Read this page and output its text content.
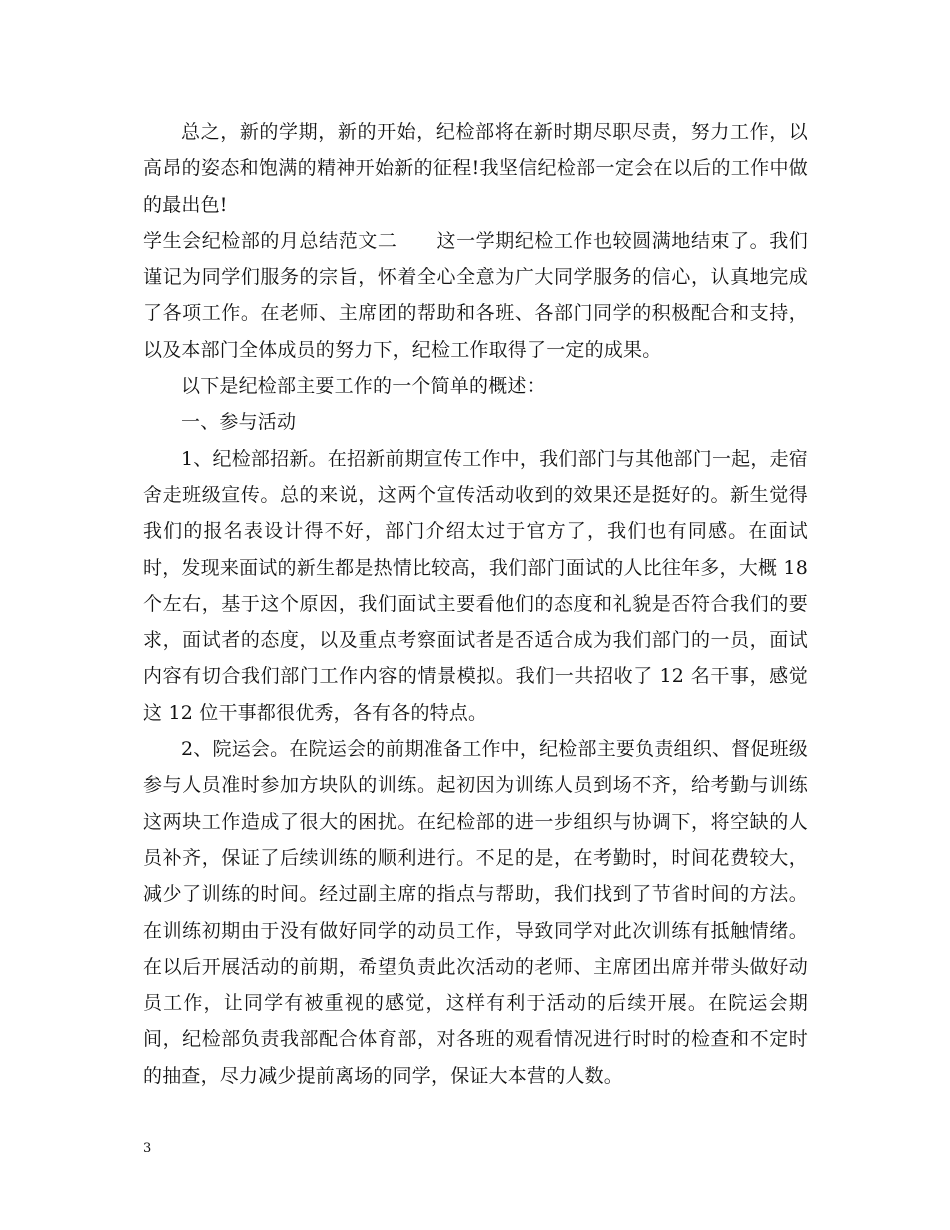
总之，新的学期，新的开始，纪检部将在新时期尽职尽责，努力工作，以高昂的姿态和饱满的精神开始新的征程!我坚信纪检部一定会在以后的工作中做的最出色!

学生会纪检部的月总结范文二　　这一学期纪检工作也较圆满地结束了。我们谨记为同学们服务的宗旨，怀着全心全意为广大同学服务的信心，认真地完成了各项工作。在老师、主席团的帮助和各班、各部门同学的积极配合和支持，以及本部门全体成员的努力下，纪检工作取得了一定的成果。

以下是纪检部主要工作的一个简单的概述：

一、参与活动

1、纪检部招新。在招新前期宣传工作中，我们部门与其他部门一起，走宿舍走班级宣传。总的来说，这两个宣传活动收到的效果还是挺好的。新生觉得我们的报名表设计得不好，部门介绍太过于官方了，我们也有同感。在面试时，发现来面试的新生都是热情比较高，我们部门面试的人比往年多，大概 18 个左右，基于这个原因，我们面试主要看他们的态度和礼貌是否符合我们的要求，面试者的态度，以及重点考察面试者是否适合成为我们部门的一员，面试内容有切合我们部门工作内容的情景模拟。我们一共招收了 12 名干事，感觉这 12 位干事都很优秀，各有各的特点。

2、院运会。在院运会的前期准备工作中，纪检部主要负责组织、督促班级参与人员准时参加方块队的训练。起初因为训练人员到场不齐，给考勤与训练这两块工作造成了很大的困扰。在纪检部的进一步组织与协调下，将空缺的人员补齐，保证了后续训练的顺利进行。不足的是，在考勤时，时间花费较大，减少了训练的时间。经过副主席的指点与帮助，我们找到了节省时间的方法。在训练初期由于没有做好同学的动员工作，导致同学对此次训练有抵触情绪。在以后开展活动的前期，希望负责此次活动的老师、主席团出席并带头做好动员工作，让同学有被重视的感觉，这样有利于活动的后续开展。在院运会期间，纪检部负责我部配合体育部，对各班的观看情况进行时时的检查和不定时的抽查，尽力减少提前离场的同学，保证大本营的人数。

3
